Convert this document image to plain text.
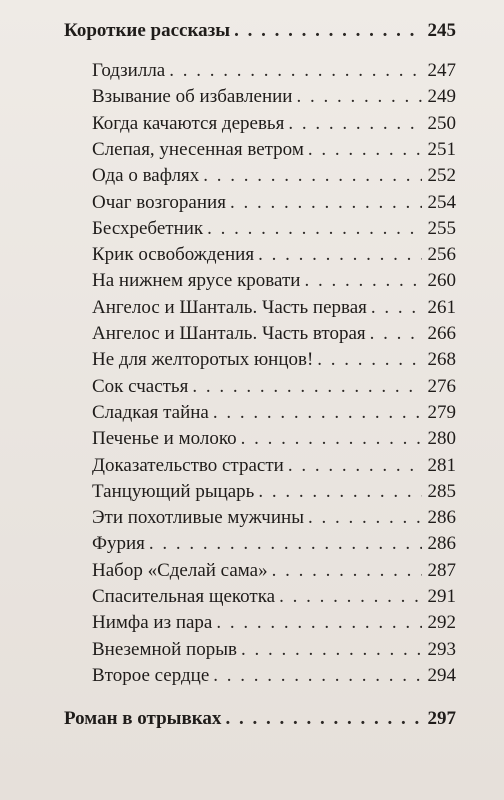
Короткие рассказы . . .	245
Годзилла . . .	247
Взывание об избавлении . . .	249
Когда качаются деревья . . .	250
Слепая, унесенная ветром . . .	251
Ода о вафлях . . .	252
Очаг возгорания . . .	254
Бесхребетник . . .	255
Крик освобождения . . .	256
На нижнем ярусе кровати . . .	260
Ангелос и Шанталь. Часть первая . . .	261
Ангелос и Шанталь. Часть вторая . . .	266
Не для желторотых юнцов! . . .	268
Сок счастья . . .	276
Сладкая тайна . . .	279
Печенье и молоко . . .	280
Доказательство страсти . . .	281
Танцующий рыцарь . . .	285
Эти похотливые мужчины . . .	286
Фурия . . .	286
Набор «Сделай сама» . . .	287
Спасительная щекотка . . .	291
Нимфа из пара . . .	292
Внеземной порыв . . .	293
Второе сердце . . .	294
Роман в отрывках . . .	297
